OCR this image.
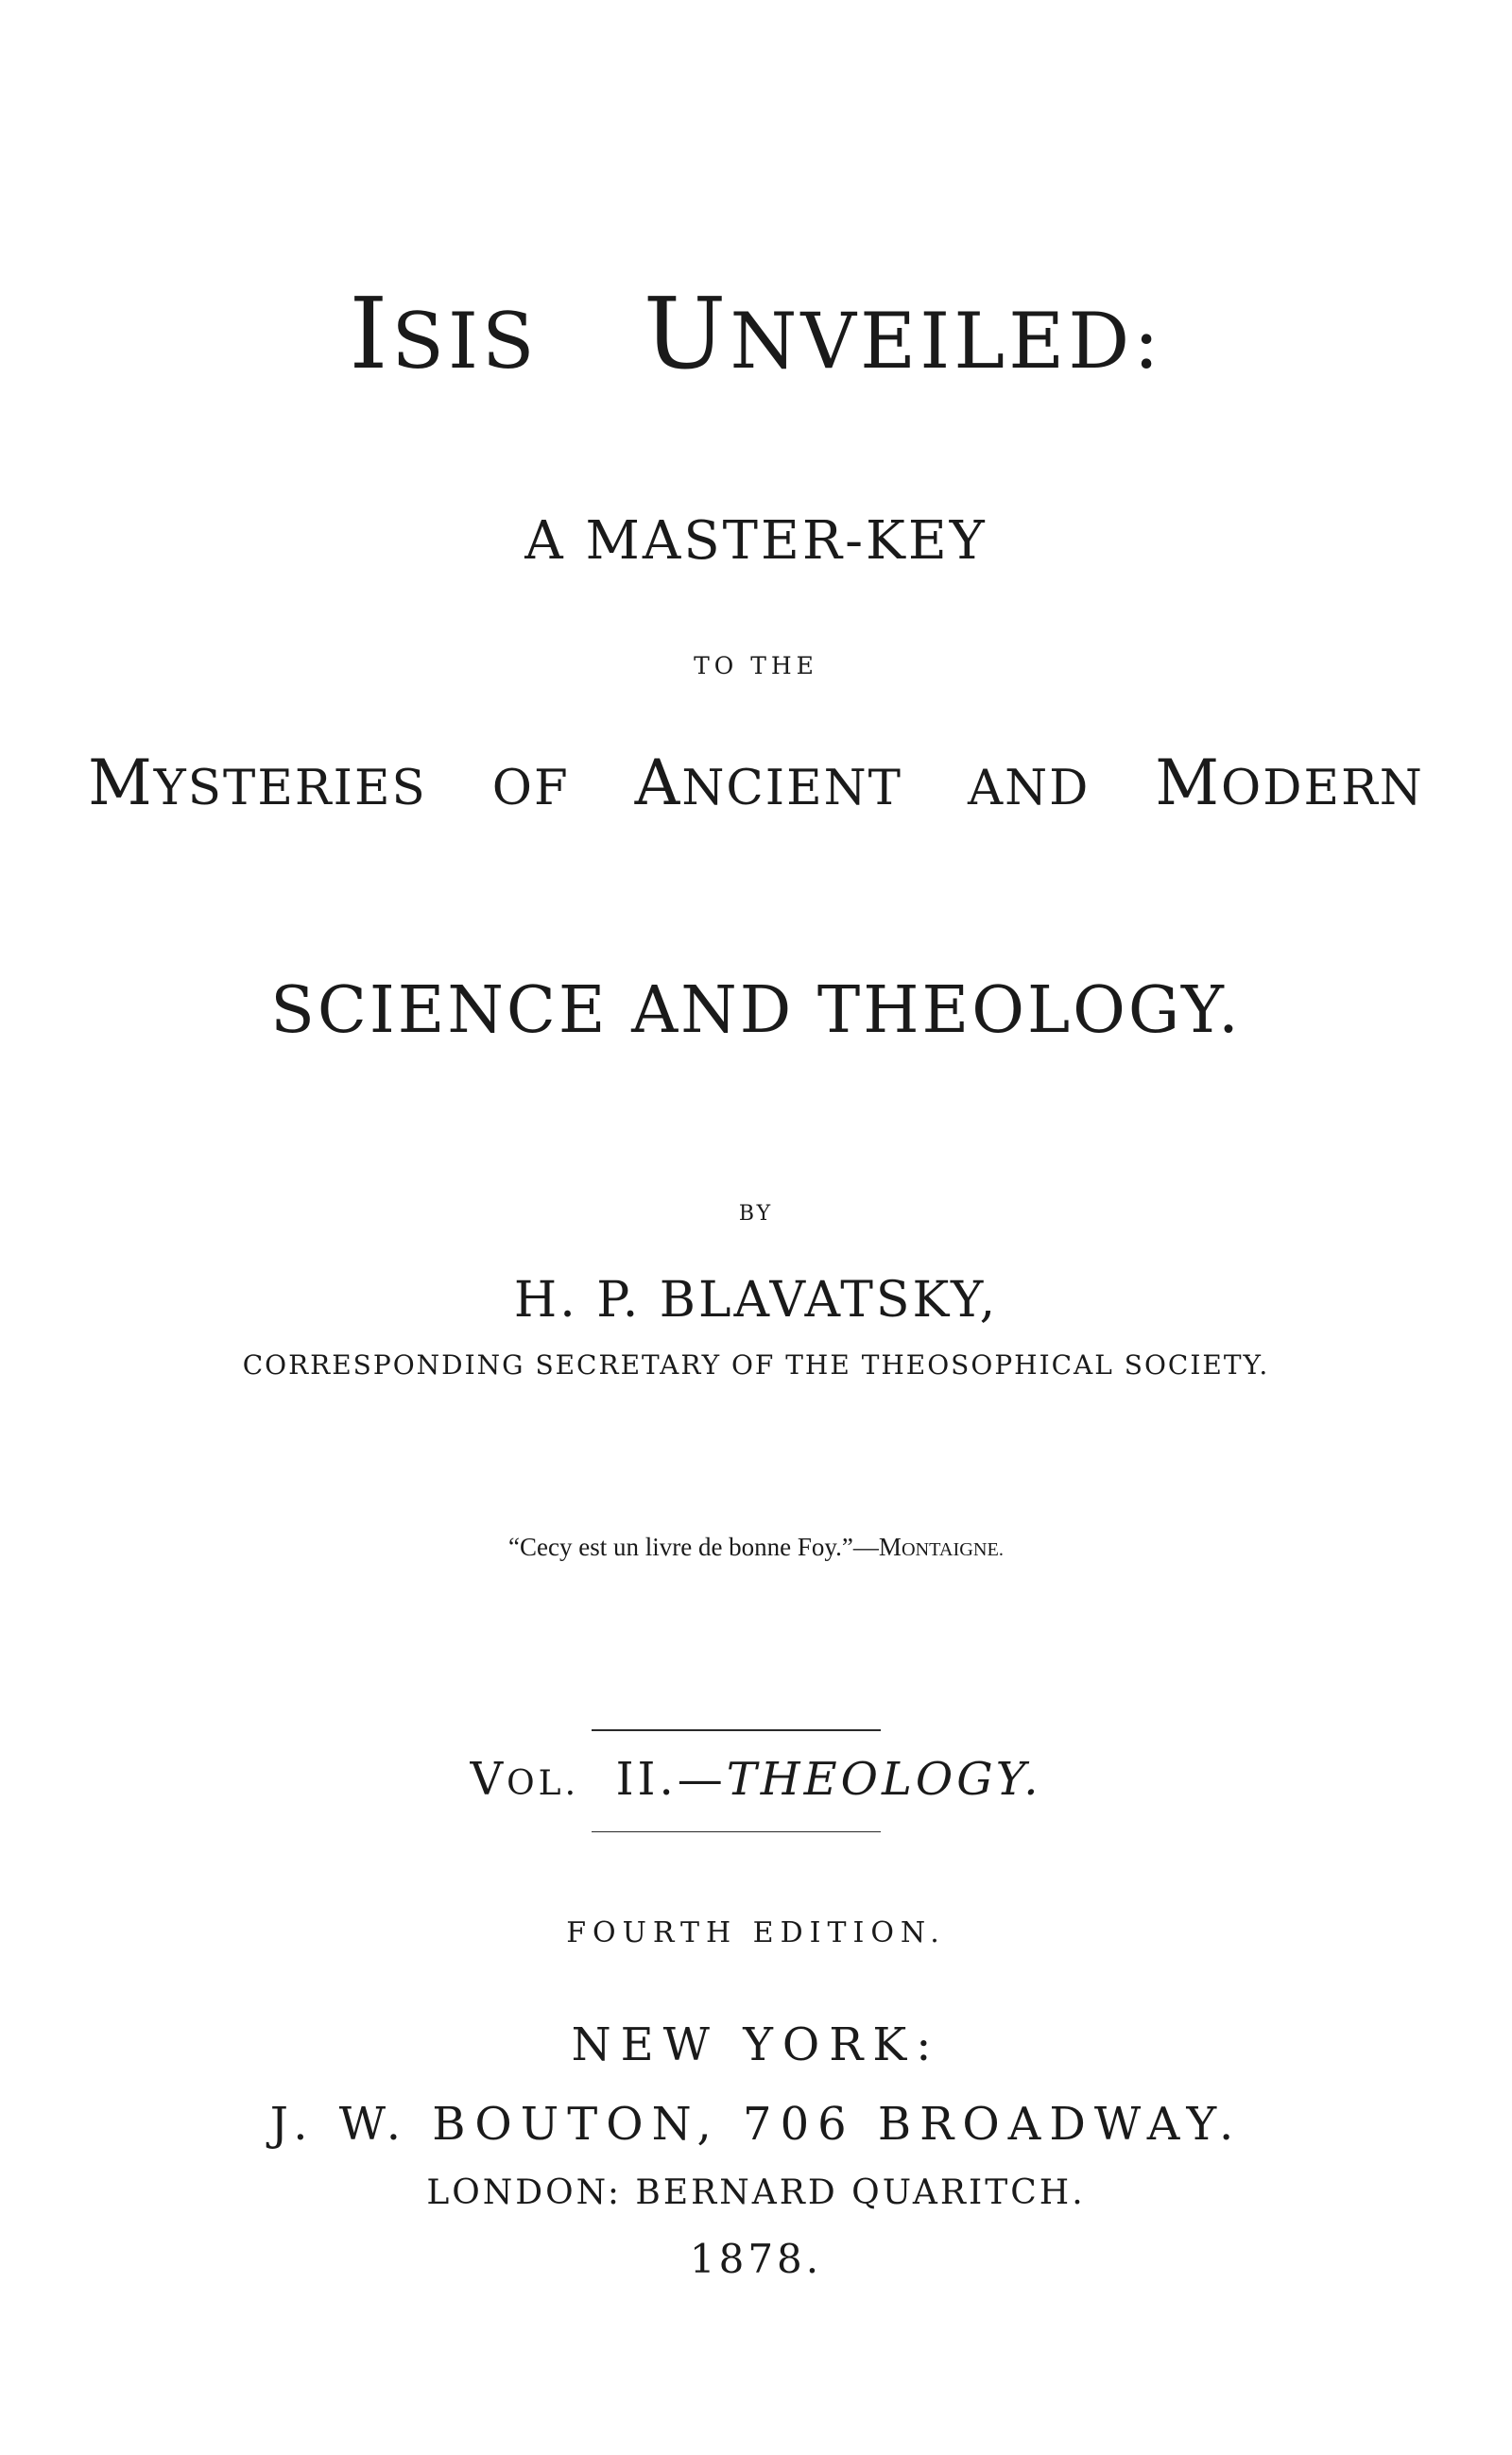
ISIS UNVEILED:
A MASTER-KEY
TO THE
MYSTERIES OF ANCIENT AND MODERN
SCIENCE AND THEOLOGY.
BY
H. P. BLAVATSKY,
CORRESPONDING SECRETARY OF THE THEOSOPHICAL SOCIETY.
“Cecy est un livre de bonne Foy.”—MONTAIGNE.
VOL. II.—THEOLOGY.
FOURTH EDITION.
NEW YORK:
J. W. BOUTON, 706 BROADWAY.
LONDON: BERNARD QUARITCH.
1878.
